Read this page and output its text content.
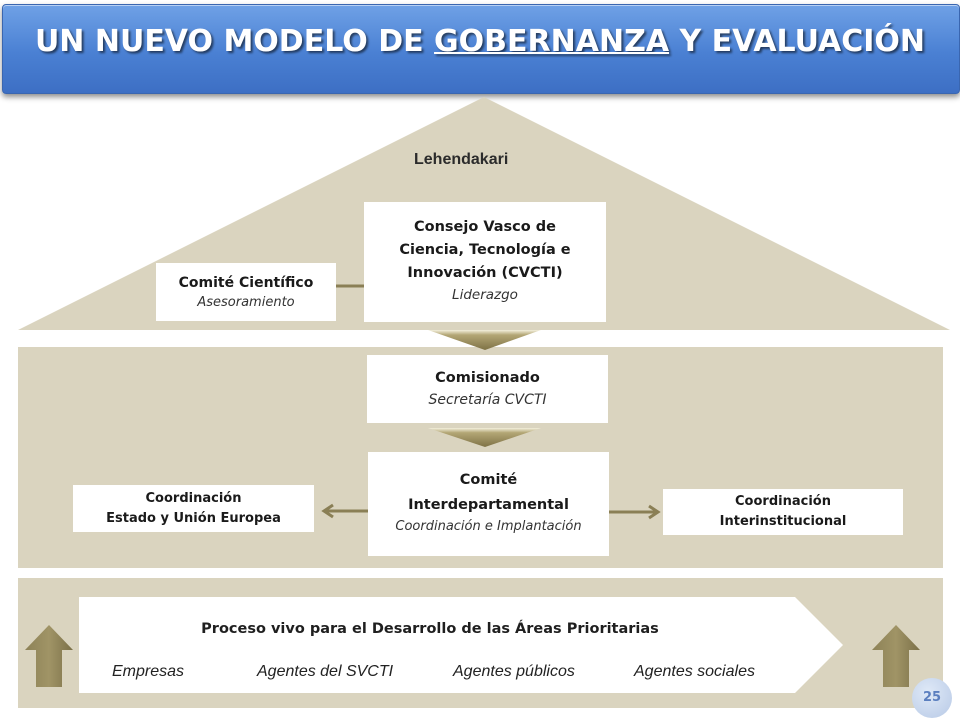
UN NUEVO MODELO DE GOBERNANZA Y EVALUACIÓN
Lehendakari
Consejo Vasco de
Ciencia, Tecnología e
Innovación (CVCTI)
Liderazgo
Comité Científico
Asesoramiento
Comisionado
Secretaría CVCTI
Comité
Interdepartamental
Coordinación e Implantación
Coordinación
Estado y Unión Europea
Coordinación
Interinstitucional
Proceso vivo para el Desarrollo de las Áreas Prioritarias
Empresas	Agentes del SVCTI	Agentes públicos	Agentes sociales
25
